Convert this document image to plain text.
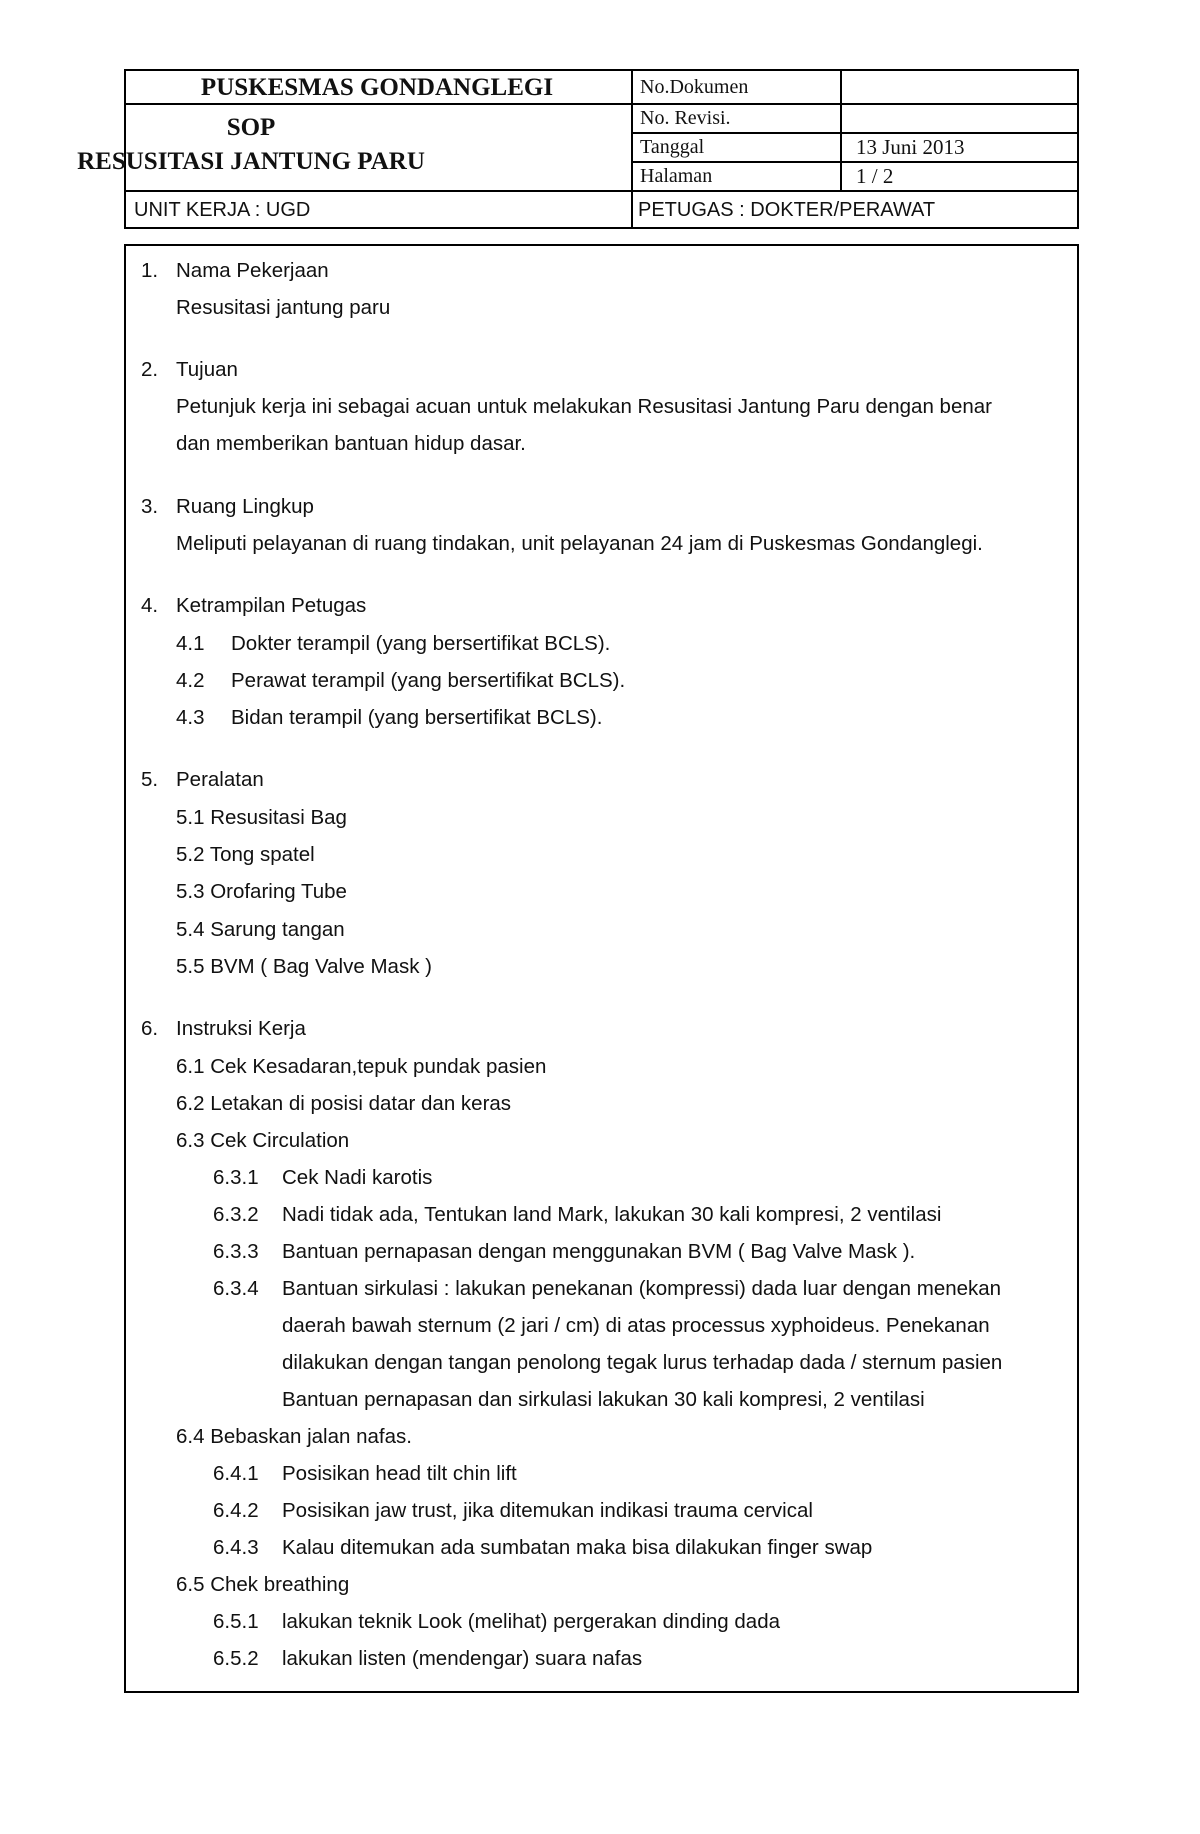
PUSKESMAS GONDANGLEGI	No.Dokumen
No. Revisi.
Tanggal	13 Juni 2013
Halaman	1 / 2
UNIT KERJA : UGD	PETUGAS : DOKTER/PERAWAT
SOP
RESUSITASI JANTUNG PARU
1. Nama Pekerjaan
Resusitasi jantung paru
2. Tujuan
Petunjuk kerja ini sebagai acuan untuk melakukan Resusitasi Jantung Paru dengan benar
dan memberikan bantuan hidup dasar.
3. Ruang Lingkup
Meliputi pelayanan di ruang tindakan, unit pelayanan 24 jam di Puskesmas Gondanglegi.
4. Ketrampilan Petugas
4.1 Dokter terampil (yang bersertifikat BCLS).
4.2 Perawat terampil (yang bersertifikat BCLS).
4.3 Bidan terampil (yang bersertifikat BCLS).
5. Peralatan
5.1 Resusitasi Bag
5.2 Tong spatel
5.3 Orofaring Tube
5.4 Sarung tangan
5.5 BVM ( Bag Valve Mask )
6. Instruksi Kerja
6.1 Cek Kesadaran,tepuk pundak pasien
6.2 Letakan di posisi datar dan keras
6.3 Cek Circulation
6.3.1 Cek Nadi karotis
6.3.2 Nadi tidak ada, Tentukan land Mark, lakukan 30 kali kompresi, 2 ventilasi
6.3.3 Bantuan pernapasan dengan menggunakan BVM ( Bag Valve Mask ).
6.3.4 Bantuan sirkulasi : lakukan penekanan (kompressi) dada luar dengan menekan
daerah bawah sternum (2 jari / cm) di atas processus xyphoideus. Penekanan
dilakukan dengan tangan penolong tegak lurus terhadap dada / sternum pasien
Bantuan pernapasan dan sirkulasi lakukan 30 kali kompresi, 2 ventilasi
6.4 Bebaskan jalan nafas.
6.4.1 Posisikan head tilt chin lift
6.4.2 Posisikan jaw trust, jika ditemukan indikasi trauma cervical
6.4.3 Kalau ditemukan ada sumbatan maka bisa dilakukan finger swap
6.5 Chek breathing
6.5.1 lakukan teknik Look (melihat) pergerakan dinding dada
6.5.2 lakukan listen (mendengar) suara nafas
